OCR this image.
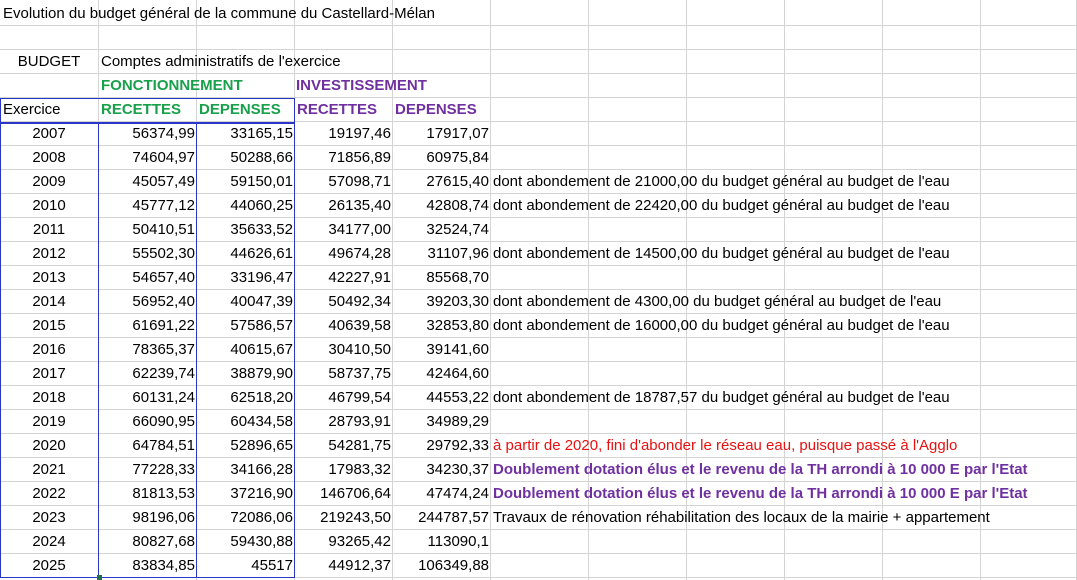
Evolution du budget général de la commune du Castellard-Mélan
BUDGET	Comptes administratifs de l'exercice
FONCTIONNEMENT	INVESTISSEMENT
Exercice	RECETTES DEPENSES RECETTES DEPENSES
2007	56374,99	33165,15	19197,46	17917,07
2008	74604,97	50288,66	71856,89	60975,84
2009	45057,49	59150,01	57098,71	27615,40 dont abondement de 21000,00 du budget général au budget de l'eau
2010	45777,12	44060,25	26135,40	42808,74 dont abondement de 22420,00 du budget général au budget de l'eau
2011	50410,51	35633,52	34177,00	32524,74
2012	55502,30	44626,61	49674,28	31107,96 dont abondement de 14500,00 du budget général au budget de l'eau
2013	54657,40	33196,47	42227,91	85568,70
2014	56952,40	40047,39	50492,34	39203,30 dont abondement de 4300,00 du budget général au budget de l'eau
2015	61691,22	57586,57	40639,58	32853,80 dont abondement de 16000,00 du budget général au budget de l'eau
2016	78365,37	40615,67	30410,50	39141,60
2017	62239,74	38879,90	58737,75	42464,60
2018	60131,24	62518,20	46799,54	44553,22 dont abondement de 18787,57 du budget général au budget de l'eau
2019	66090,95	60434,58	28793,91	34989,29
2020	64784,51	52896,65	54281,75	29792,33 à partir de 2020, fini d'abonder le réseau eau, puisque passé à l'Agglo
2021	77228,33	34166,28	17983,32	34230,37 Doublement dotation élus et le revenu de la TH arrondi à 10 000 E par l'Etat
2022	81813,53	37216,90	146706,64	47474,24 Doublement dotation élus et le revenu de la TH arrondi à 10 000 E par l'Etat
2023	98196,06	72086,06	219243,50	244787,57 Travaux de rénovation réhabilitation des locaux de la mairie + appartement
2024	80827,68	59430,88	93265,42	113090,1
2025	83834,85	45517	44912,37	106349,88
